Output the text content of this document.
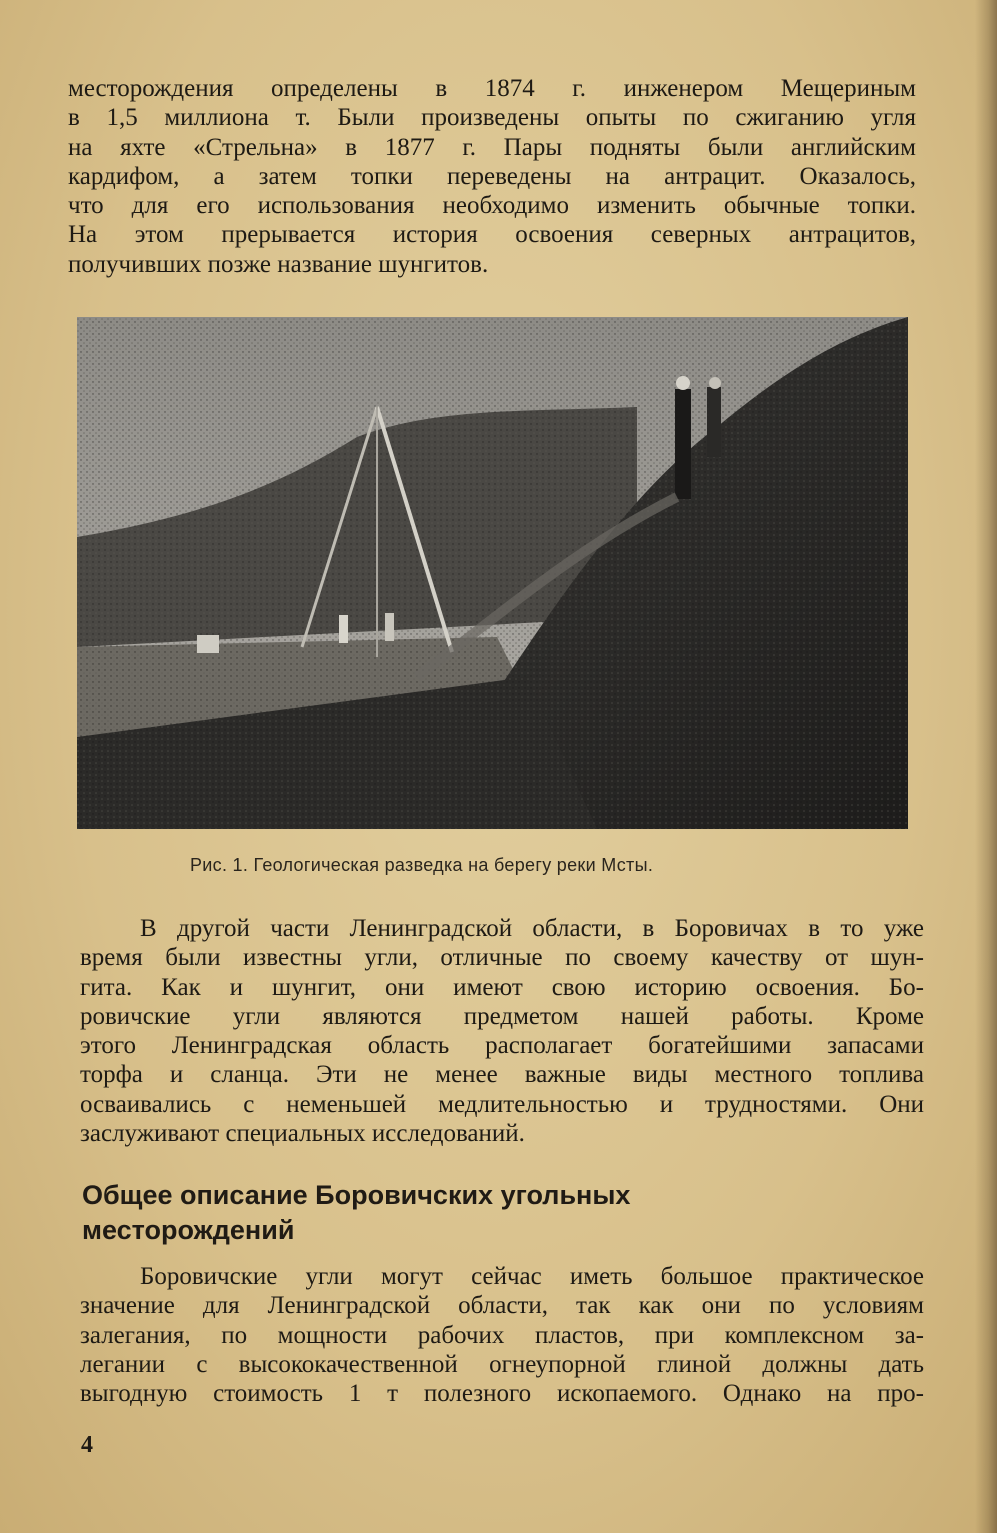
месторождения определены в 1874 г. инженером Мещериным
в 1,5 миллиона т. Были произведены опыты по сжиганию угля
на яхте «Стрельна» в 1877 г. Пары подняты были английским
кардифом, а затем топки переведены на антрацит. Оказалось,
что для его использования необходимо изменить обычные топки.
На этом прерывается история освоения северных антрацитов,
получивших позже название шунгитов.
Рис. 1. Геологическая разведка на берегу реки Мсты.
В другой части Ленинградской области, в Боровичах в то уже
время были известны угли, отличные по своему качеству от шун-
гита. Как и шунгит, они имеют свою историю освоения. Бо-
ровичские угли являются предметом нашей работы. Кроме
этого Ленинградская область располагает богатейшими запасами
торфа и сланца. Эти не менее важные виды местного топлива
осваивались с неменьшей медлительностью и трудностями. Они
заслуживают специальных исследований.
Общее описание Боровичских угольных
месторождений
Боровичские угли могут сейчас иметь большое практическое
значение для Ленинградской области, так как они по условиям
залегания, по мощности рабочих пластов, при комплексном за-
легании с высококачественной огнеупорной глиной должны дать
выгодную стоимость 1 т полезного ископаемого. Однако на про-
4
